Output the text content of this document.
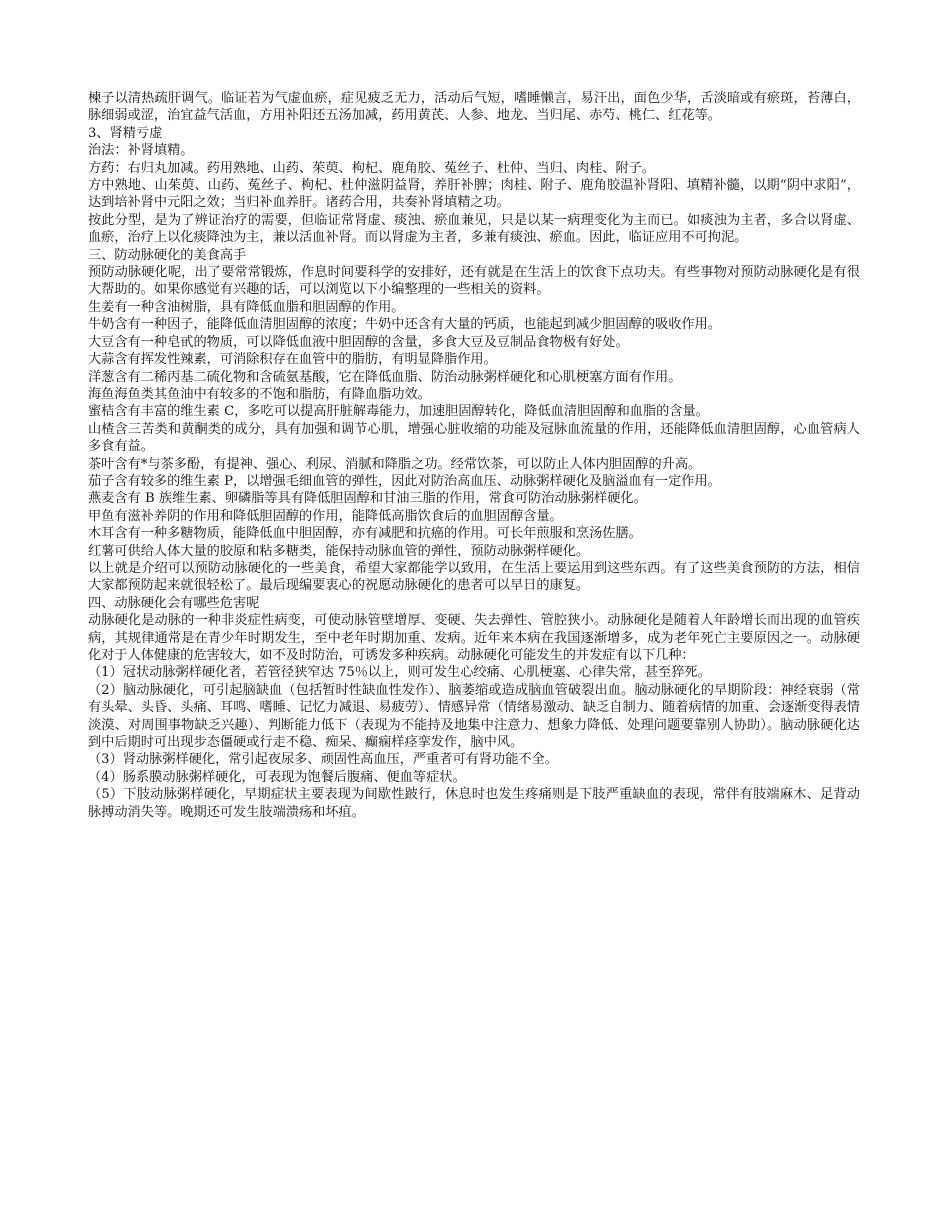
楝子以清热疏肝调气。临证若为气虚血瘀，症见疲乏无力，活动后气短，嗜睡懒言，易汗出，面色少华，舌淡暗或有瘀斑，苔薄白，脉细弱或涩，治宜益气活血，方用补阳还五汤加减，药用黄芪、人参、地龙、当归尾、赤芍、桃仁、红花等。

3、肾精亏虚

治法：补肾填精。

方药：右归丸加减。药用熟地、山药、茱萸、枸杞、鹿角胶、菟丝子、杜仲、当归、肉桂、附子。

方中熟地、山茱萸、山药、菟丝子、枸杞、杜仲滋阴益肾，养肝补脾；肉桂、附子、鹿角胶温补肾阳、填精补髓，以期“阴中求阳”，达到培补肾中元阳之效；当归补血养肝。诸药合用，共奏补肾填精之功。

按此分型，是为了辨证治疗的需要，但临证常肾虚、痰浊、瘀血兼见，只是以某一病理变化为主而已。如痰浊为主者，多合以肾虚、血瘀，治疗上以化痰降浊为主，兼以活血补肾。而以肾虚为主者，多兼有痰浊、瘀血。因此，临证应用不可拘泥。

三、防动脉硬化的美食高手

预防动脉硬化呢，出了要常常锻炼，作息时间要科学的安排好，还有就是在生活上的饮食下点功夫。有些事物对预防动脉硬化是有很大帮助的。如果你感觉有兴趣的话，可以浏览以下小编整理的一些相关的资料。

生姜有一种含油树脂，具有降低血脂和胆固醇的作用。

牛奶含有一种因子，能降低血清胆固醇的浓度；牛奶中还含有大量的钙质，也能起到减少胆固醇的吸收作用。

大豆含有一种皂甙的物质，可以降低血液中胆固醇的含量，多食大豆及豆制品食物极有好处。

大蒜含有挥发性辣素，可消除积存在血管中的脂肪，有明显降脂作用。

洋葱含有二稀丙基二硫化物和含硫氨基酸，它在降低血脂、防治动脉粥样硬化和心肌梗塞方面有作用。

海鱼海鱼类其鱼油中有较多的不饱和脂肪，有降血脂功效。

蜜桔含有丰富的维生素 C，多吃可以提高肝脏解毒能力，加速胆固醇转化，降低血清胆固醇和血脂的含量。

山楂含三苦类和黄酮类的成分，具有加强和调节心肌，增强心脏收缩的功能及冠脉血流量的作用，还能降低血清胆固醇，心血管病人多食有益。

茶叶含有*与茶多酚，有提神、强心、利尿、消腻和降脂之功。经常饮茶，可以防止人体内胆固醇的升高。

茄子含有较多的维生素 P，以增强毛细血管的弹性，因此对防治高血压、动脉粥样硬化及脑溢血有一定作用。

燕麦含有 B 族维生素、卵磷脂等具有降低胆固醇和甘油三脂的作用，常食可防治动脉粥样硬化。

甲鱼有滋补养阴的作用和降低胆固醇的作用，能降低高脂饮食后的血胆固醇含量。

木耳含有一种多糖物质，能降低血中胆固醇，亦有减肥和抗癌的作用。可长年煎服和烹汤佐膳。

红薯可供给人体大量的胶原和粘多糖类，能保持动脉血管的弹性，预防动脉粥样硬化。

以上就是介绍可以预防动脉硬化的一些美食，希望大家都能学以致用，在生活上要运用到这些东西。有了这些美食预防的方法，相信大家都预防起来就很轻松了。最后现编要衷心的祝愿动脉硬化的患者可以早日的康复。

四、动脉硬化会有哪些危害呢

动脉硬化是动脉的一种非炎症性病变，可使动脉管壁增厚、变硬、失去弹性、管腔狭小。动脉硬化是随着人年龄增长而出现的血管疾病，其规律通常是在青少年时期发生，至中老年时期加重、发病。近年来本病在我国逐渐增多，成为老年死亡主要原因之一。动脉硬化对于人体健康的危害较大，如不及时防治，可诱发多种疾病。动脉硬化可能发生的并发症有以下几种：

（1）冠状动脉粥样硬化者，若管径狭窄达 75％以上，则可发生心绞痛、心肌梗塞、心律失常，甚至猝死。

（2）脑动脉硬化，可引起脑缺血（包括暂时性缺血性发作）、脑萎缩或造成脑血管破裂出血。脑动脉硬化的早期阶段：神经衰弱（常有头晕、头昏、头痛、耳鸣、嗜睡、记忆力减退、易疲劳）、情感异常（情绪易激动、缺乏自制力、随着病情的加重、会逐渐变得表情淡漠、对周围事物缺乏兴趣）、判断能力低下（表现为不能持及地集中注意力、想象力降低、处理问题要靠别人协助）。脑动脉硬化达到中后期时可出现步态僵硬或行走不稳、痴呆、癫痫样痉挛发作，脑中风。

（3）肾动脉粥样硬化，常引起夜尿多、顽固性高血压，严重者可有肾功能不全。

（4）肠系膜动脉粥样硬化，可表现为饱餐后腹痛、便血等症状。

（5）下肢动脉粥样硬化，早期症状主要表现为间歇性跛行，休息时也发生疼痛则是下肢严重缺血的表现，常伴有肢端麻木、足背动脉搏动消失等。晚期还可发生肢端溃疡和坏疽。
